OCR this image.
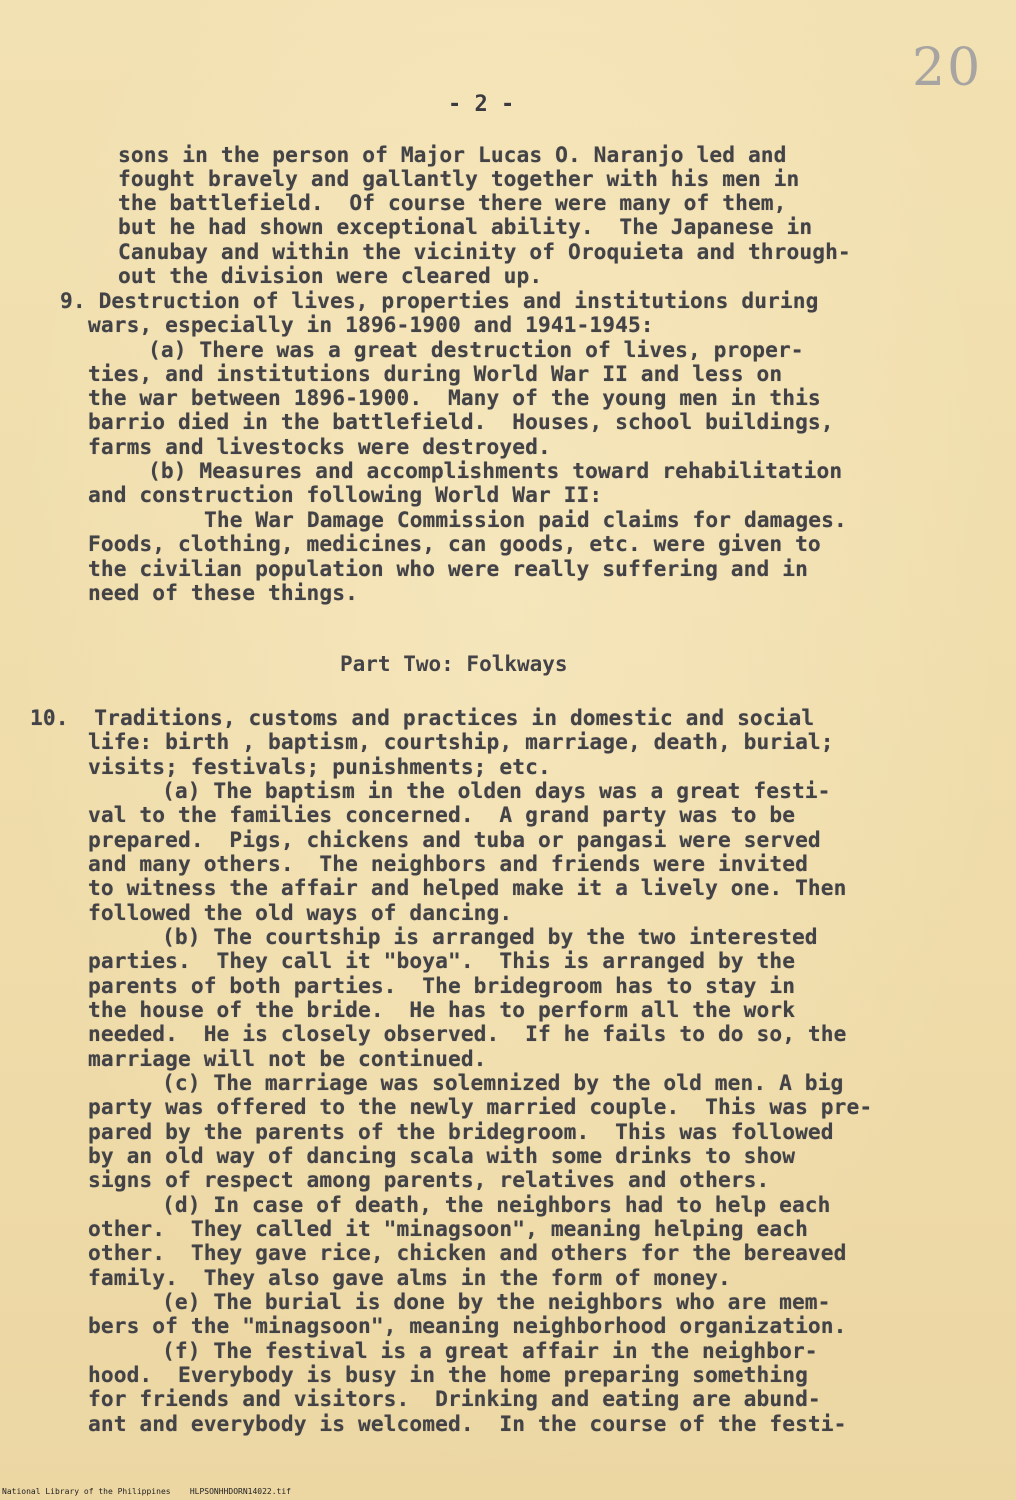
20
- 2 -
sons in the person of Major Lucas O. Naranjo led and
fought bravely and gallantly together with his men in
the battlefield.  Of course there were many of them,
but he had shown exceptional ability.  The Japanese in
Canubay and within the vicinity of Oroquieta and through-
out the division were cleared up.
9. Destruction of lives, properties and institutions during
wars, especially in 1896-1900 and 1941-1945:
(a) There was a great destruction of lives, proper-
ties, and institutions during World War II and less on
the war between 1896-1900.  Many of the young men in this
barrio died in the battlefield.  Houses, school buildings,
farms and livestocks were destroyed.
(b) Measures and accomplishments toward rehabilitation
and construction following World War II:
The War Damage Commission paid claims for damages.
Foods, clothing, medicines, can goods, etc. were given to
the civilian population who were really suffering and in
need of these things.
Part Two: Folkways
10.  Traditions, customs and practices in domestic and social
life: birth , baptism, courtship, marriage, death, burial;
visits; festivals; punishments; etc.
(a) The baptism in the olden days was a great festi-
val to the families concerned.  A grand party was to be
prepared.  Pigs, chickens and tuba or pangasi were served
and many others.  The neighbors and friends were invited
to witness the affair and helped make it a lively one. Then
followed the old ways of dancing.
(b) The courtship is arranged by the two interested
parties.  They call it "boya".  This is arranged by the
parents of both parties.  The bridegroom has to stay in
the house of the bride.  He has to perform all the work
needed.  He is closely observed.  If he fails to do so, the
marriage will not be continued.
(c) The marriage was solemnized by the old men. A big
party was offered to the newly married couple.  This was pre-
pared by the parents of the bridegroom.  This was followed
by an old way of dancing scala with some drinks to show
signs of respect among parents, relatives and others.
(d) In case of death, the neighbors had to help each
other.  They called it "minagsoon", meaning helping each
other.  They gave rice, chicken and others for the bereaved
family.  They also gave alms in the form of money.
(e) The burial is done by the neighbors who are mem-
bers of the "minagsoon", meaning neighborhood organization.
(f) The festival is a great affair in the neighbor-
hood.  Everybody is busy in the home preparing something
for friends and visitors.  Drinking and eating are abund-
ant and everybody is welcomed.  In the course of the festi-
National Library of the Philippines    HLPSONHHDORN14022.tif
